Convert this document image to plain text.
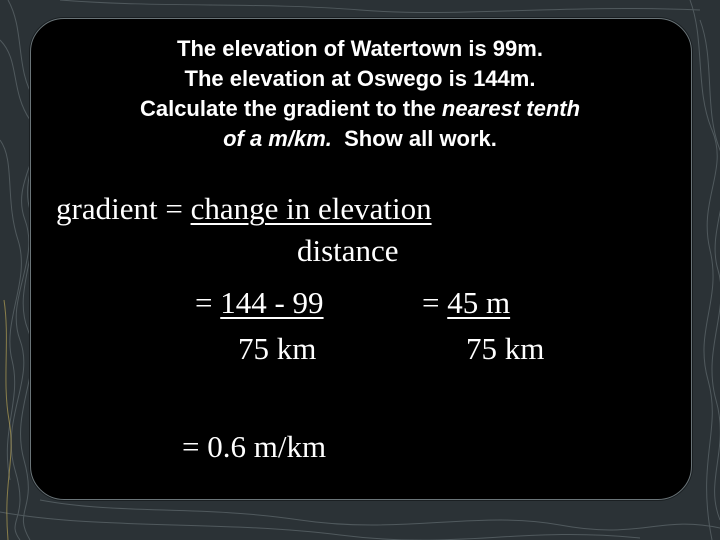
The elevation of Watertown is 99m.
The elevation at Oswego is 144m.
Calculate the gradient to the nearest tenth
of a m/km.  Show all work.
gradient = change in elevation
distance
= 144 - 99
75 km
= 45 m
75 km
= 0.6 m/km
